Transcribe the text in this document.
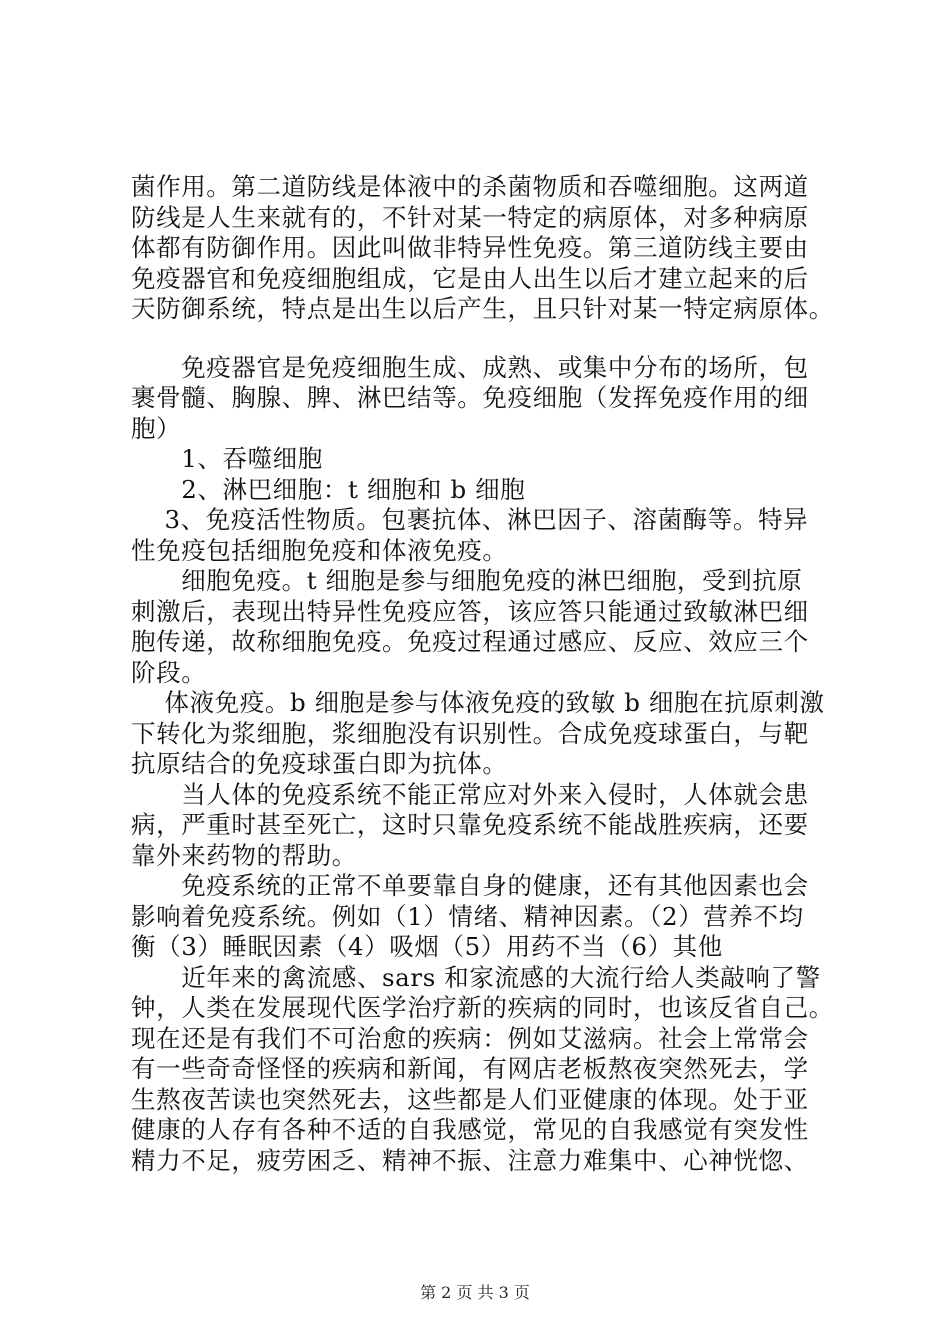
菌作用。第二道防线是体液中的杀菌物质和吞噬细胞。这两道
防线是人生来就有的，不针对某一特定的病原体，对多种病原
体都有防御作用。因此叫做非特异性免疫。第三道防线主要由
免疫器官和免疫细胞组成，它是由人出生以后才建立起来的后
天防御系统，特点是出生以后产生，且只针对某一特定病原体。
　　免疫器官是免疫细胞生成、成熟、或集中分布的场所，包
裹骨髓、胸腺、脾、淋巴结等。免疫细胞（发挥免疫作用的细
胞）
　　1、吞噬细胞
　　2、淋巴细胞：t 细胞和 b 细胞
　 3、免疫活性物质。包裹抗体、淋巴因子、溶菌酶等。特异
性免疫包括细胞免疫和体液免疫。
　　细胞免疫。t 细胞是参与细胞免疫的淋巴细胞，受到抗原
刺激后，表现出特异性免疫应答，该应答只能通过致敏淋巴细
胞传递，故称细胞免疫。免疫过程通过感应、反应、效应三个
阶段。
　 体液免疫。b 细胞是参与体液免疫的致敏 b 细胞在抗原刺激
下转化为浆细胞，浆细胞没有识别性。合成免疫球蛋白，与靶
抗原结合的免疫球蛋白即为抗体。
　　当人体的免疫系统不能正常应对外来入侵时，人体就会患
病，严重时甚至死亡，这时只靠免疫系统不能战胜疾病，还要
靠外来药物的帮助。
　　免疫系统的正常不单要靠自身的健康，还有其他因素也会
影响着免疫系统。例如（1）情绪、精神因素。（2）营养不均
衡（3）睡眠因素（4）吸烟（5）用药不当（6）其他
　　近年来的禽流感、sars 和家流感的大流行给人类敲响了警
钟，人类在发展现代医学治疗新的疾病的同时，也该反省自己。
现在还是有我们不可治愈的疾病：例如艾滋病。社会上常常会
有一些奇奇怪怪的疾病和新闻，有网店老板熬夜突然死去，学
生熬夜苦读也突然死去，这些都是人们亚健康的体现。处于亚
健康的人存有各种不适的自我感觉，常见的自我感觉有突发性
精力不足，疲劳困乏、精神不振、注意力难集中、心神恍惚、
第 2 页 共 3 页
